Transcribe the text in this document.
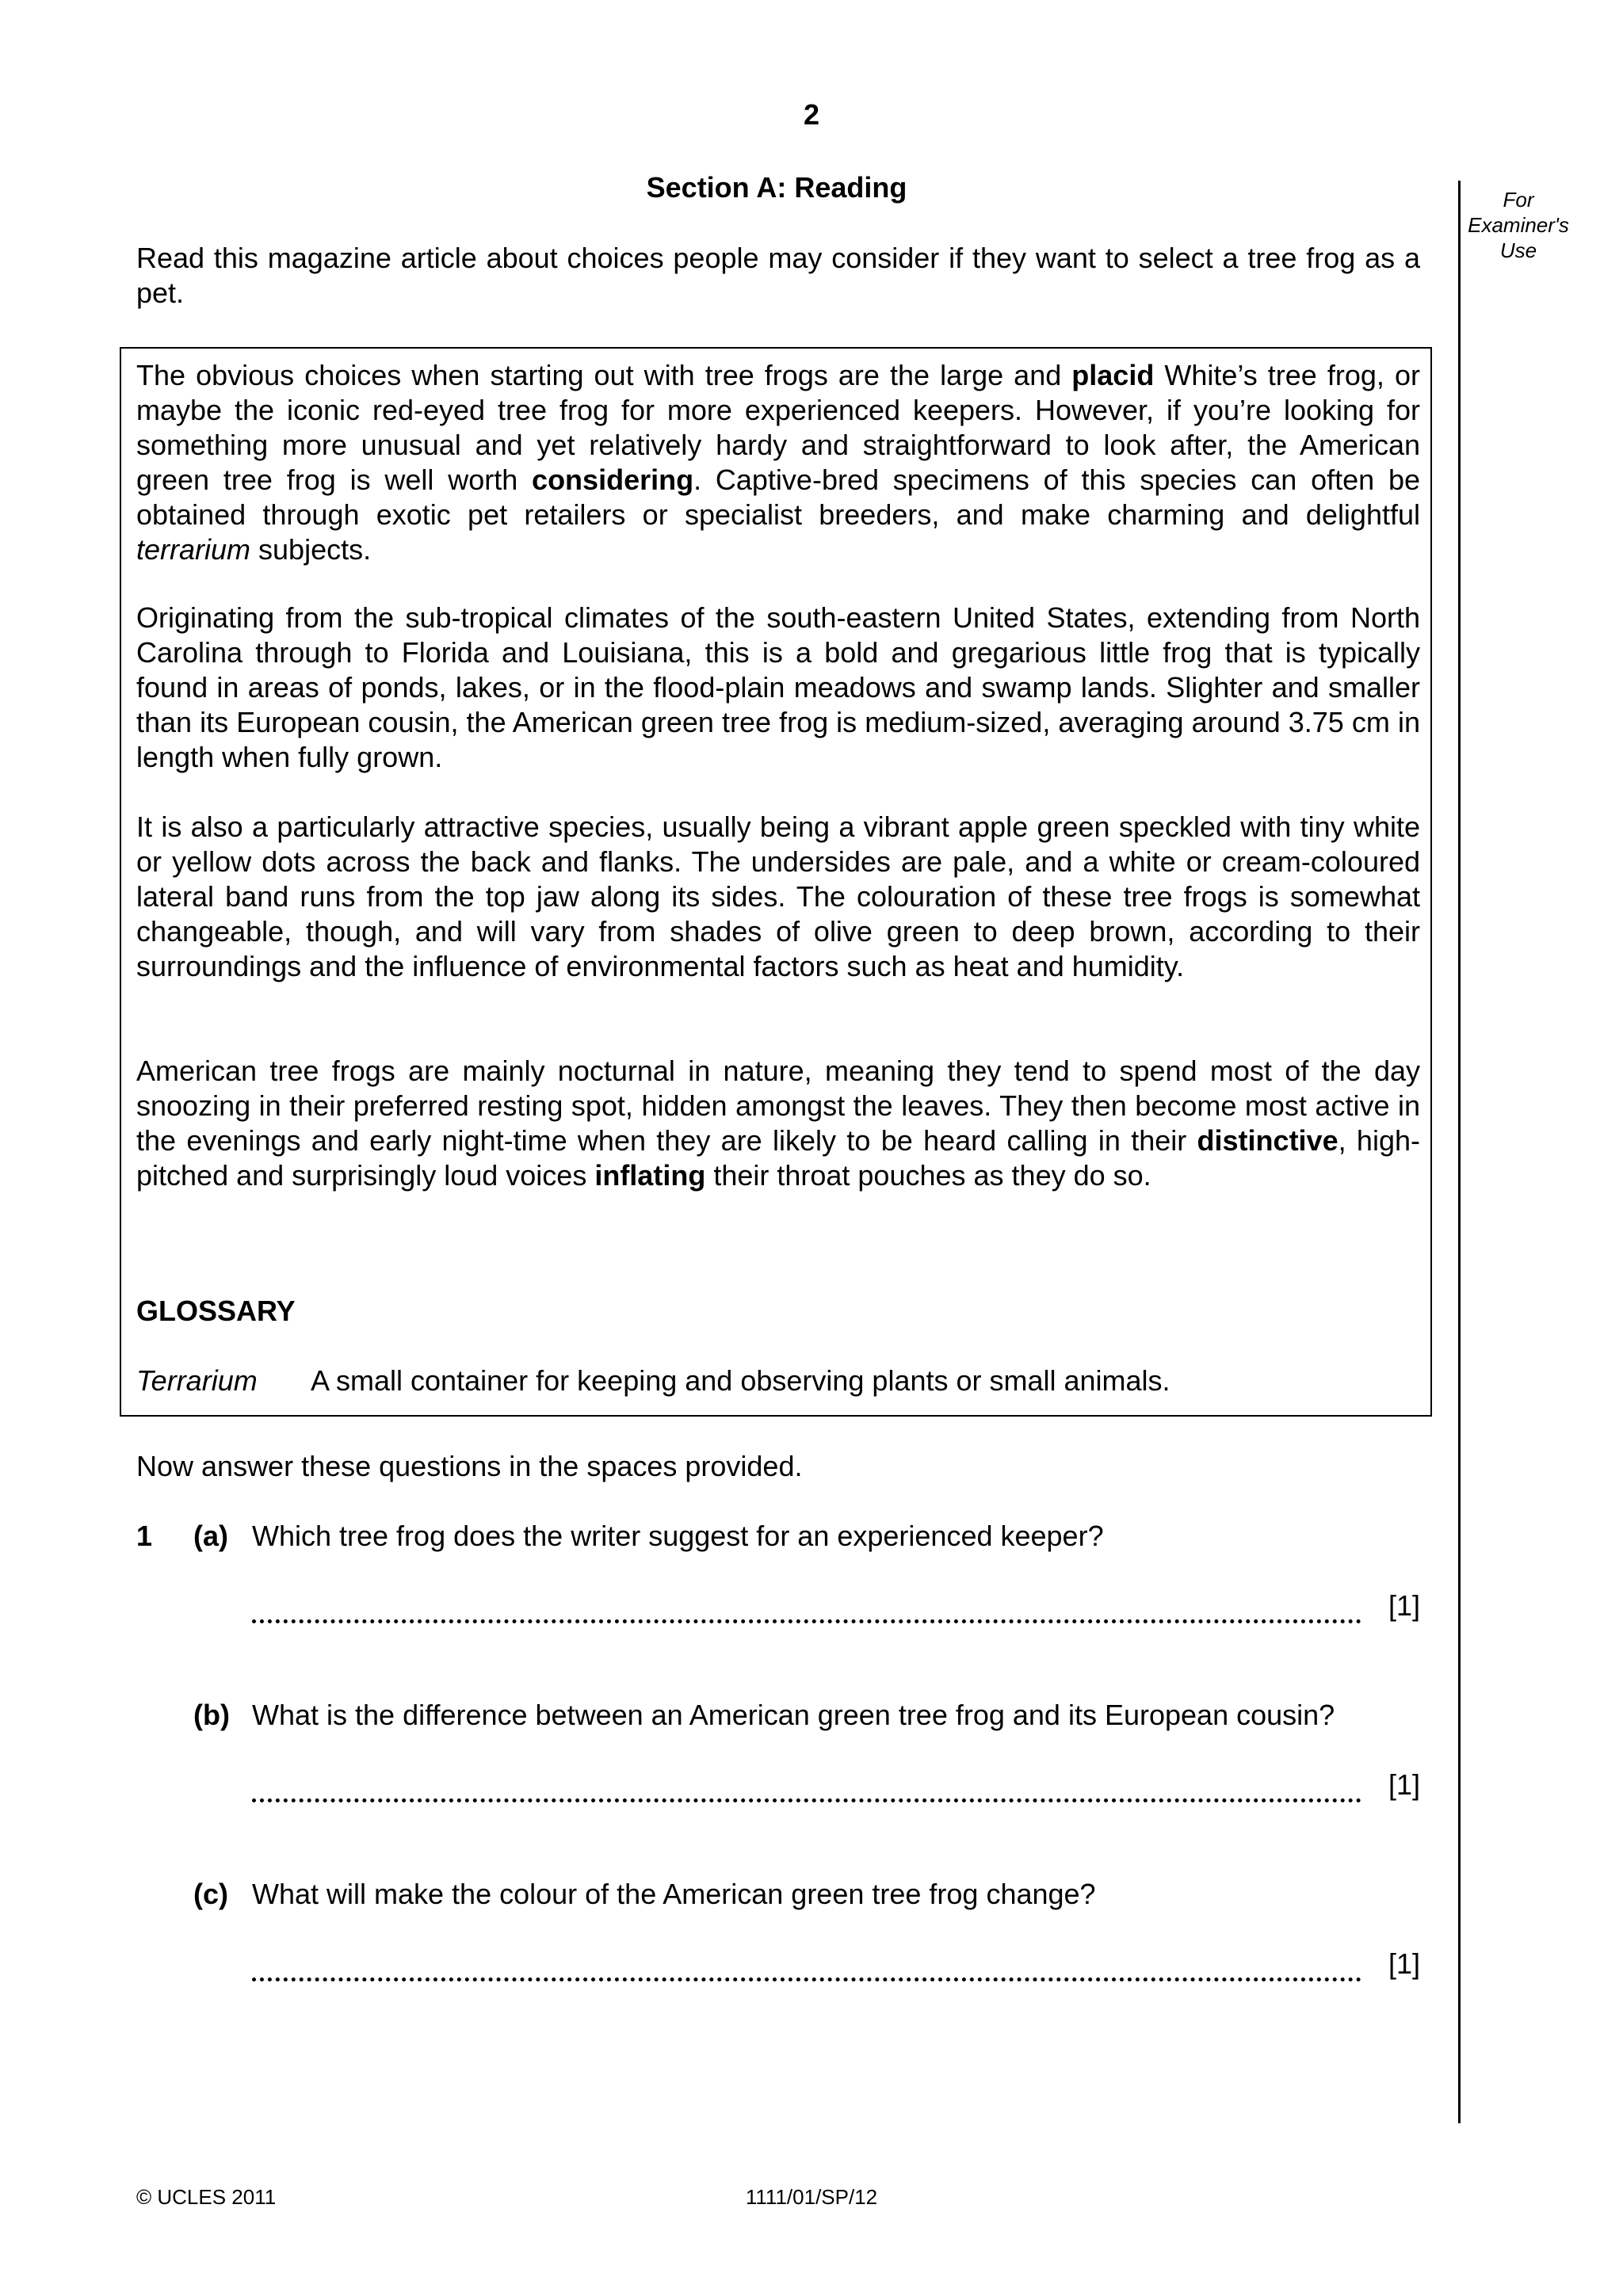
2
Section A: Reading	For
Examiner's
Use
Read this magazine article about choices people may consider if they want to select a tree frog as a pet.
The obvious choices when starting out with tree frogs are the large and placid White’s tree frog, or maybe the iconic red-eyed tree frog for more experienced keepers. However, if you’re looking for something more unusual and yet relatively hardy and straightforward to look after, the American green tree frog is well worth considering. Captive-bred specimens of this species can often be obtained through exotic pet retailers or specialist breeders, and make charming and delightful terrarium subjects.
Originating from the sub-tropical climates of the south-eastern United States, extending from North Carolina through to Florida and Louisiana, this is a bold and gregarious little frog that is typically found in areas of ponds, lakes, or in the flood-plain meadows and swamp lands. Slighter and smaller than its European cousin, the American green tree frog is medium-sized, averaging around 3.75 cm in length when fully grown.
It is also a particularly attractive species, usually being a vibrant apple green speckled with tiny white or yellow dots across the back and flanks. The undersides are pale, and a white or cream-coloured lateral band runs from the top jaw along its sides. The colouration of these tree frogs is somewhat changeable, though, and will vary from shades of olive green to deep brown, according to their surroundings and the influence of environmental factors such as heat and humidity.
American tree frogs are mainly nocturnal in nature, meaning they tend to spend most of the day snoozing in their preferred resting spot, hidden amongst the leaves. They then become most active in the evenings and early night-time when they are likely to be heard calling in their distinctive, high-pitched and surprisingly loud voices inflating their throat pouches as they do so.
GLOSSARY
Terrarium A small container for keeping and observing plants or small animals.
Now answer these questions in the spaces provided.
1 (a) Which tree frog does the writer suggest for an experienced keeper?
[1]
(b) What is the difference between an American green tree frog and its European cousin?
[1]
(c) What will make the colour of the American green tree frog change?
[1]
© UCLES 2011	1111/01/SP/12
